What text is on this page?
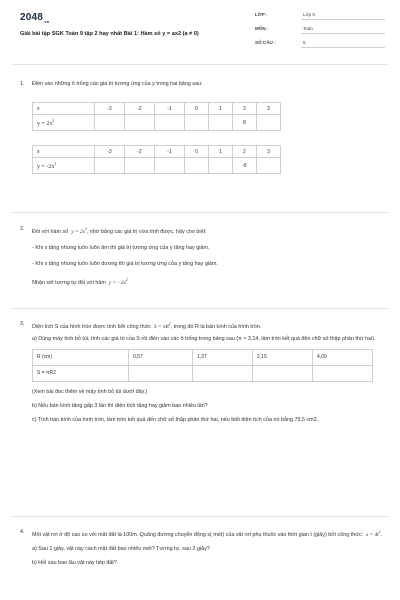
$2048_{.vn}$
Giải bài tập SGK Toán 9 tập 2 hay nhất Bài 1: Hàm số y = ax2 (a ≠ 0)
LỚP :	Lớp 9
MÔN :	Toán
SỐ CÂU :	5
1. Điền vào những ô trống các giá trị tương ứng của y trong hai bảng sau:
x	-3	-2	-1	0	1	2	3
$y = 2x^2$						8	
x	-3	-2	-1	0	1	2	3
$y = -2x^2$						-8	
2. Đối với hàm số $y = 2x^2$, nhờ bảng các giá trị vừa tính được, hãy cho biết:
- Khi x tăng nhưng luôn luôn âm thì giá trị tương ứng của y tăng hay giảm.
- Khi x tăng nhưng luôn luôn dương thì giá trị tương ứng của y tăng hay giảm.
Nhận xét tương tự đối với hàm y = - $2x^2$
3. Diện tích S của hình tròn được tính bởi công thức $S = \pi R^2$, trong đó R là bán kính của hình tròn.
a) Dùng máy tính bỏ túi, tính các giá trị của S rồi điền vào các ô trống trong bảng sau (π ≈ 3,14, làm tròn kết quả đến chữ số thập phân thứ hai).
R (cm)	0,57	1,37	2,15	4,09
S = πR2				
(Xem bài đọc thêm về máy tính bỏ túi dưới đây.)
b) Nếu bán kính tăng gấp 3 lần thì diện tích tăng hay giảm bao nhiêu lần?
c) Tính bán kính của hình tròn, làm tròn kết quả đến chữ số thập phân thứ hai, nếu biết diện tích của nó bằng 79,5 cm2.
4. Một vật rơi ở độ cao so với mặt đất là 100m. Quãng đường chuyển động s( mét) của vật rơi phụ thuộc vào thời gian t (giây) bởi công thức: $s = 4t^2$.
a) Sau 1 giây, vật này cách mặt đất bao nhiêu mét? Tương tự, sau 2 giây?
b) Hỏi sau bao lâu vật này tiếp đất?
